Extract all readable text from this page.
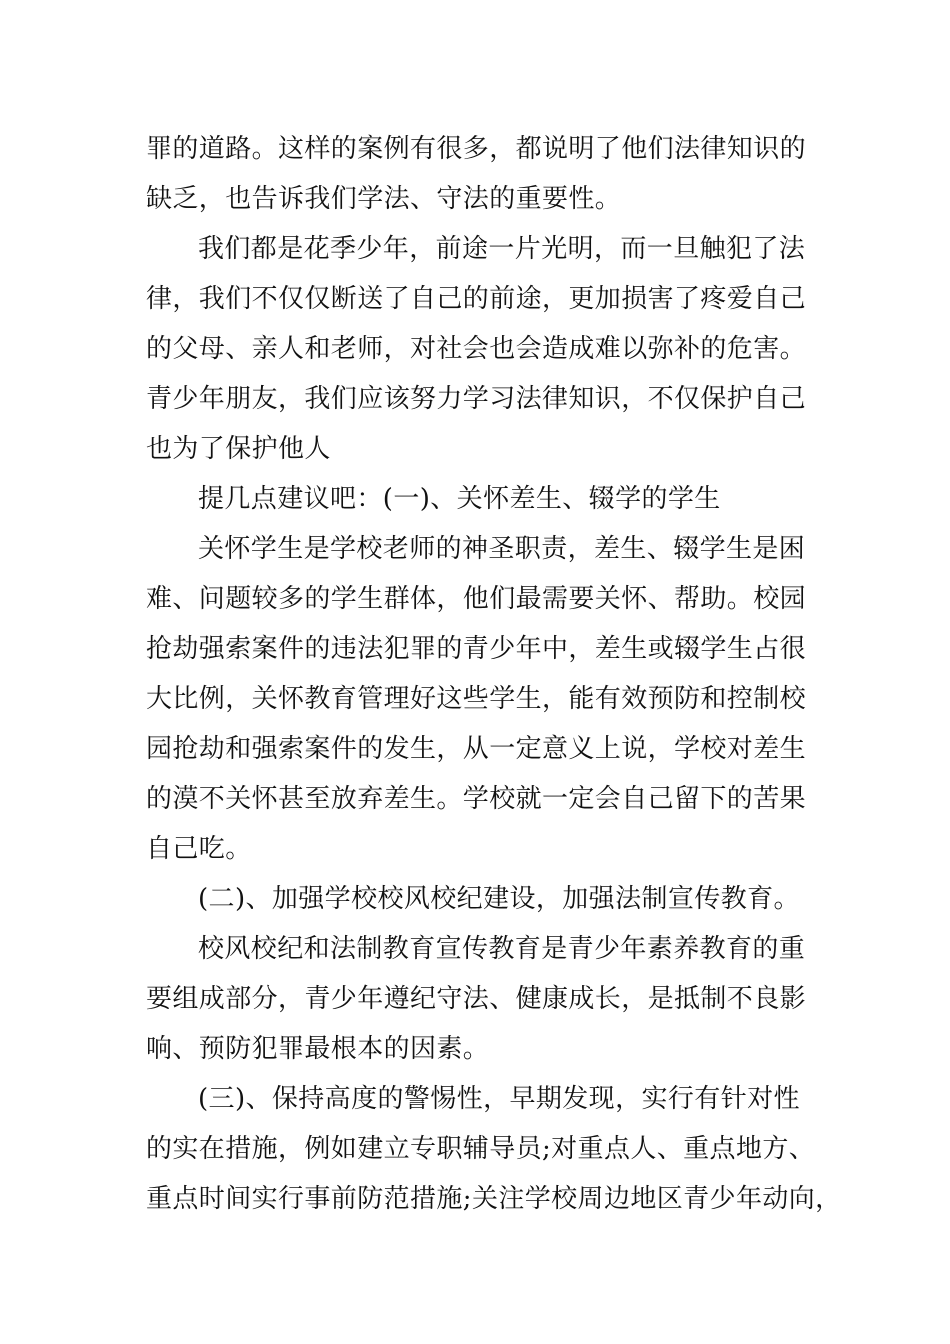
罪的道路。这样的案例有很多，都说明了他们法律知识的
缺乏，也告诉我们学法、守法的重要性。
我们都是花季少年，前途一片光明，而一旦触犯了法
律，我们不仅仅断送了自己的前途，更加损害了疼爱自己
的父母、亲人和老师，对社会也会造成难以弥补的危害。
青少年朋友，我们应该努力学习法律知识，不仅保护自己
也为了保护他人
提几点建议吧：(一)、关怀差生、辍学的学生
关怀学生是学校老师的神圣职责，差生、辍学生是困
难、问题较多的学生群体，他们最需要关怀、帮助。校园
抢劫强索案件的违法犯罪的青少年中，差生或辍学生占很
大比例，关怀教育管理好这些学生，能有效预防和控制校
园抢劫和强索案件的发生，从一定意义上说，学校对差生
的漠不关怀甚至放弃差生。学校就一定会自己留下的苦果
自己吃。
(二)、加强学校校风校纪建设，加强法制宣传教育。
校风校纪和法制教育宣传教育是青少年素养教育的重
要组成部分，青少年遵纪守法、健康成长，是抵制不良影
响、预防犯罪最根本的因素。
(三)、保持高度的警惕性，早期发现，实行有针对性
的实在措施，例如建立专职辅导员;对重点人、重点地方、
重点时间实行事前防范措施;关注学校周边地区青少年动向，
